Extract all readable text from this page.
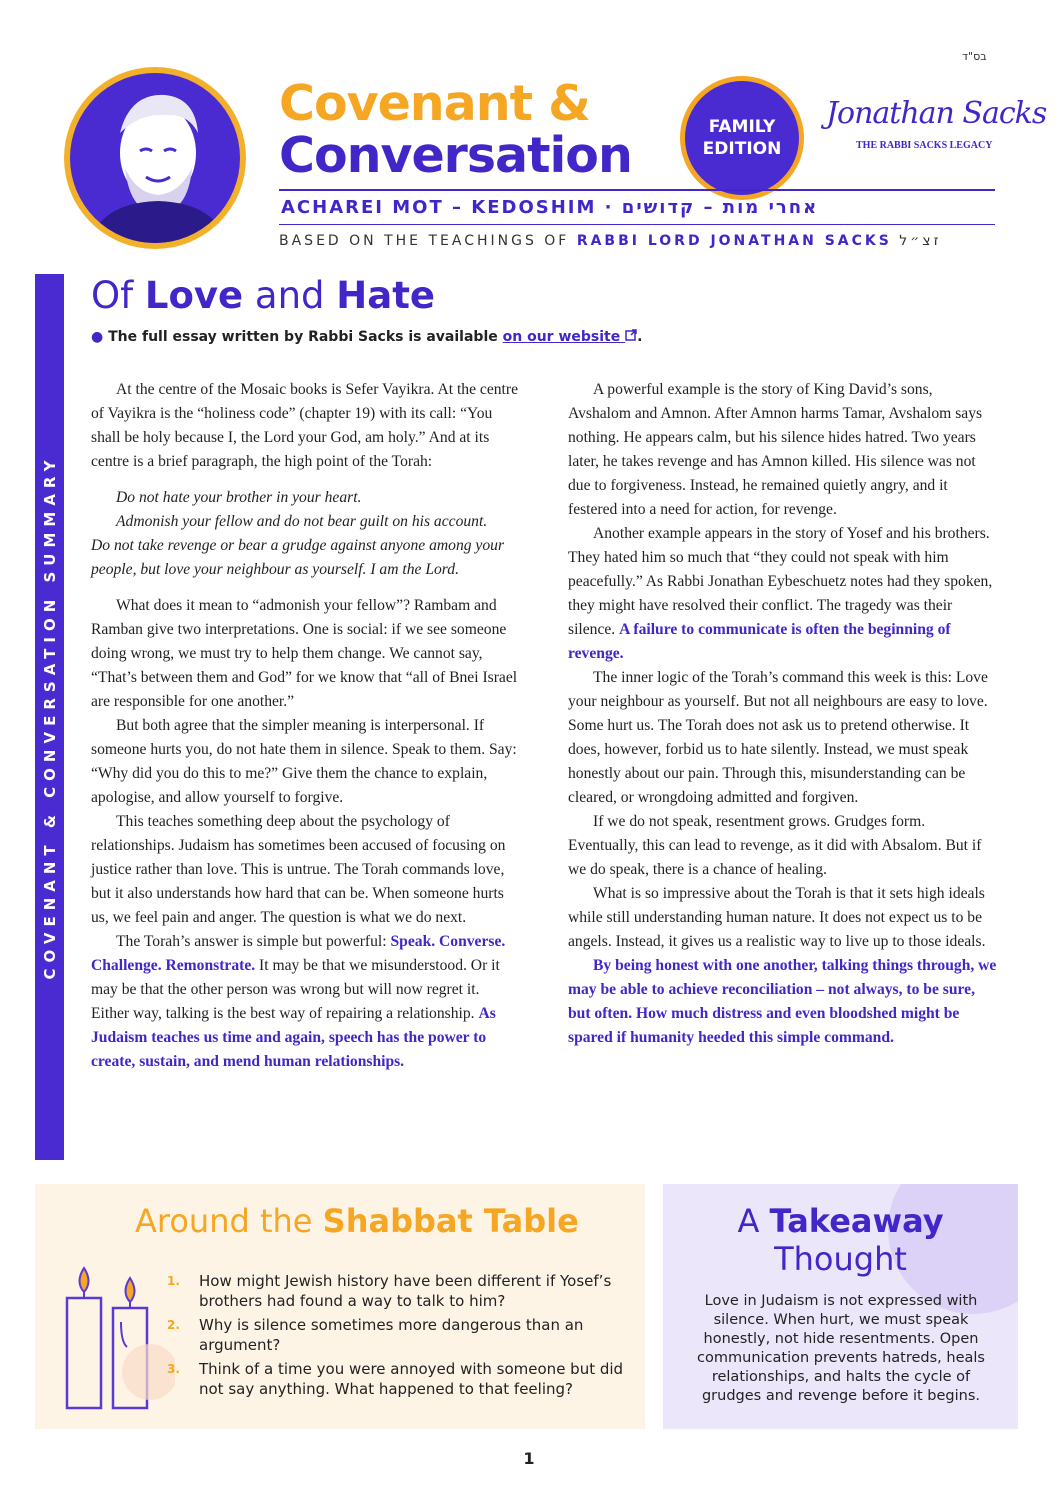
בס"ד
Covenant &
Conversation	FAMILY
EDITION
Jonathan Sacks
THE RABBI SACKS LEGACY
ACHAREI MOT – KEDOSHIM · אחרי מות – קדושים
BASED ON THE TEACHINGS OF RABBI LORD JONATHAN SACKS זצ״ל
COVENANT & CONVERSATION SUMMARY
Of Love and Hate
● The full essay written by Rabbi Sacks is available on our website .

At the centre of the Mosaic books is Sefer Vayikra. At the centre of Vayikra is the “holiness code” (chapter 19) with its call: “You shall be holy because I, the Lord your God, am holy.” And at its centre is a brief paragraph, the high point of the Torah:

Do not hate your brother in your heart.
Admonish your fellow and do not bear guilt on his account.
Do not take revenge or bear a grudge against anyone among your people, but love your neighbour as yourself. I am the Lord.

What does it mean to “admonish your fellow”? Rambam and Ramban give two interpretations. One is social: if we see someone doing wrong, we must try to help them change. We cannot say, “That’s between them and God” for we know that “all of Bnei Israel are responsible for one another.”

But both agree that the simpler meaning is interpersonal. If someone hurts you, do not hate them in silence. Speak to them. Say: “Why did you do this to me?” Give them the chance to explain, apologise, and allow yourself to forgive.

This teaches something deep about the psychology of relationships. Judaism has sometimes been accused of focusing on justice rather than love. This is untrue. The Torah commands love, but it also understands how hard that can be. When someone hurts us, we feel pain and anger. The question is what we do next.

The Torah’s answer is simple but powerful: Speak. Converse. Challenge. Remonstrate. It may be that we misunderstood. Or it may be that the other person was wrong but will now regret it. Either way, talking is the best way of repairing a relationship. As Judaism teaches us time and again, speech has the power to create, sustain, and mend human relationships.

A powerful example is the story of King David’s sons, Avshalom and Amnon. After Amnon harms Tamar, Avshalom says nothing. He appears calm, but his silence hides hatred. Two years later, he takes revenge and has Amnon killed. His silence was not due to forgiveness. Instead, he remained quietly angry, and it festered into a need for action, for revenge.

Another example appears in the story of Yosef and his brothers. They hated him so much that “they could not speak with him peacefully.” As Rabbi Jonathan Eybeschuetz notes had they spoken, they might have resolved their conflict. The tragedy was their silence. A failure to communicate is often the beginning of revenge.

The inner logic of the Torah’s command this week is this: Love your neighbour as yourself. But not all neighbours are easy to love. Some hurt us. The Torah does not ask us to pretend otherwise. It does, however, forbid us to hate silently. Instead, we must speak honestly about our pain. Through this, misunderstanding can be cleared, or wrongdoing admitted and forgiven.

If we do not speak, resentment grows. Grudges form. Eventually, this can lead to revenge, as it did with Absalom. But if we do speak, there is a chance of healing.

What is so impressive about the Torah is that it sets high ideals while still understanding human nature. It does not expect us to be angels. Instead, it gives us a realistic way to live up to those ideals.

By being honest with one another, talking things through, we may be able to achieve reconciliation – not always, to be sure, but often. How much distress and even bloodshed might be spared if humanity heeded this simple command.

Around the Shabbat Table
1. How might Jewish history have been different if Yosef’s brothers had found a way to talk to him?
2. Why is silence sometimes more dangerous than an argument?
3. Think of a time you were annoyed with someone but did not say anything. What happened to that feeling?
A Takeaway
Thought
Love in Judaism is not expressed with silence. When hurt, we must speak honestly, not hide resentments. Open communication prevents hatreds, heals relationships, and halts the cycle of grudges and revenge before it begins.
1
